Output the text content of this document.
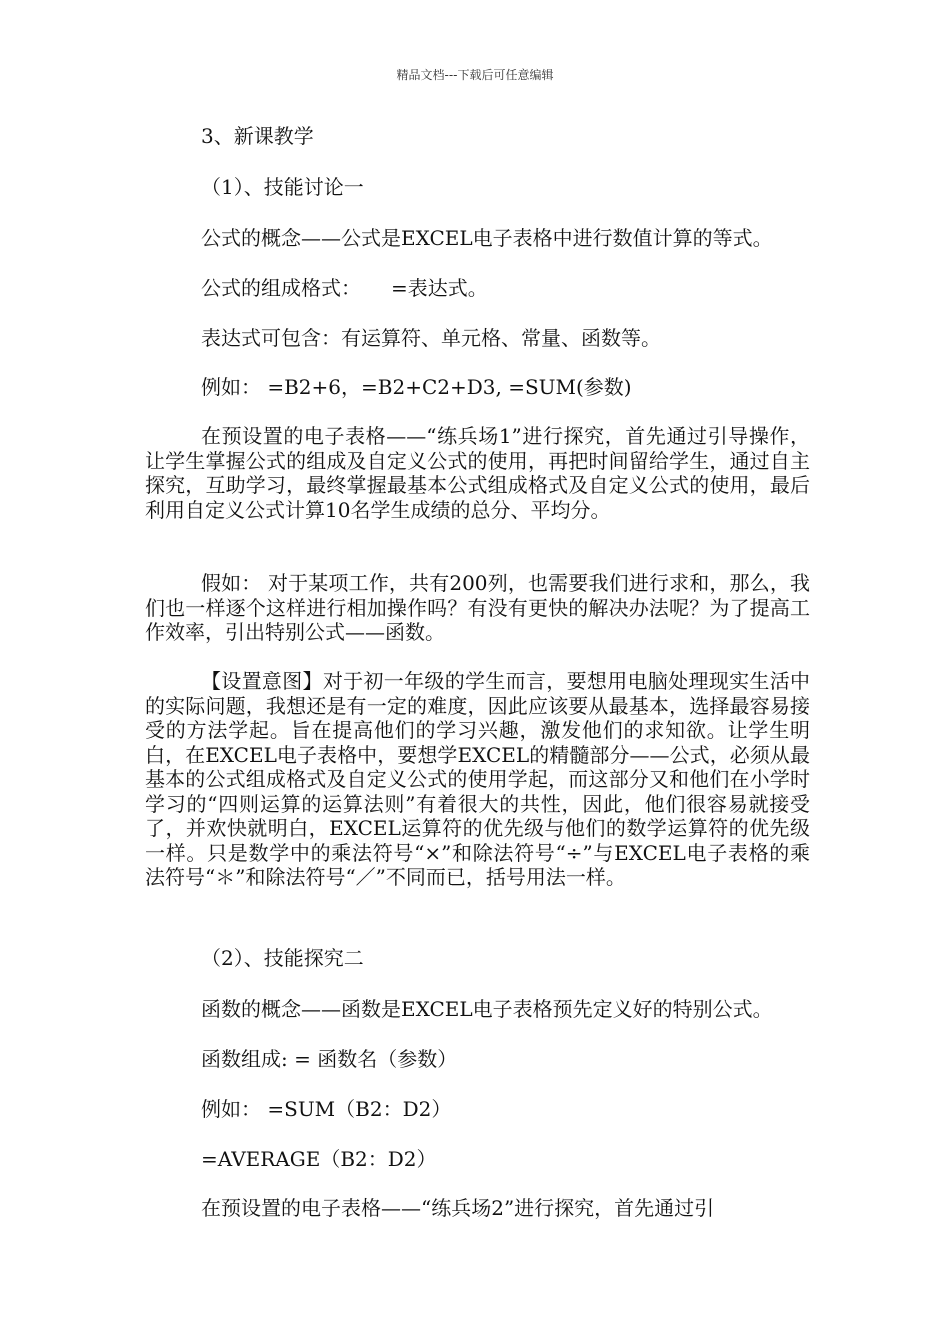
精品文档---下载后可任意编辑
3、新课教学
（1）、技能讨论一
公式的概念——公式是EXCEL电子表格中进行数值计算的等式。
公式的组成格式：　　=表达式。
表达式可包含：有运算符、单元格、常量、函数等。
例如： =B2+6，=B2+C2+D3, =SUM(参数)

在预设置的电子表格——“练兵场1”进行探究，首先通过引导操作，让学生掌握公式的组成及自定义公式的使用，再把时间留给学生，通过自主探究，互助学习，最终掌握最基本公式组成格式及自定义公式的使用，最后利用自定义公式计算10名学生成绩的总分、平均分。

假如： 对于某项工作，共有200列，也需要我们进行求和，那么，我们也一样逐个这样进行相加操作吗？有没有更快的解决办法呢？为了提高工作效率，引出特别公式——函数。

【设置意图】对于初一年级的学生而言，要想用电脑处理现实生活中的实际问题，我想还是有一定的难度，因此应该要从最基本，选择最容易接受的方法学起。旨在提高他们的学习兴趣，激发他们的求知欲。让学生明白，在EXCEL电子表格中，要想学EXCEL的精髓部分——公式，必须从最基本的公式组成格式及自定义公式的使用学起，而这部分又和他们在小学时学习的“四则运算的运算法则”有着很大的共性，因此，他们很容易就接受了，并欢快就明白，EXCEL运算符的优先级与他们的数学运算符的优先级一样。只是数学中的乘法符号“×”和除法符号“÷”与EXCEL电子表格的乘法符号“＊”和除法符号“／”不同而已，括号用法一样。

（2）、技能探究二
函数的概念——函数是EXCEL电子表格预先定义好的特别公式。
函数组成: = 函数名（参数）
例如： =SUM（B2：D2）
=AVERAGE（B2：D2）
在预设置的电子表格——“练兵场2”进行探究，首先通过引
